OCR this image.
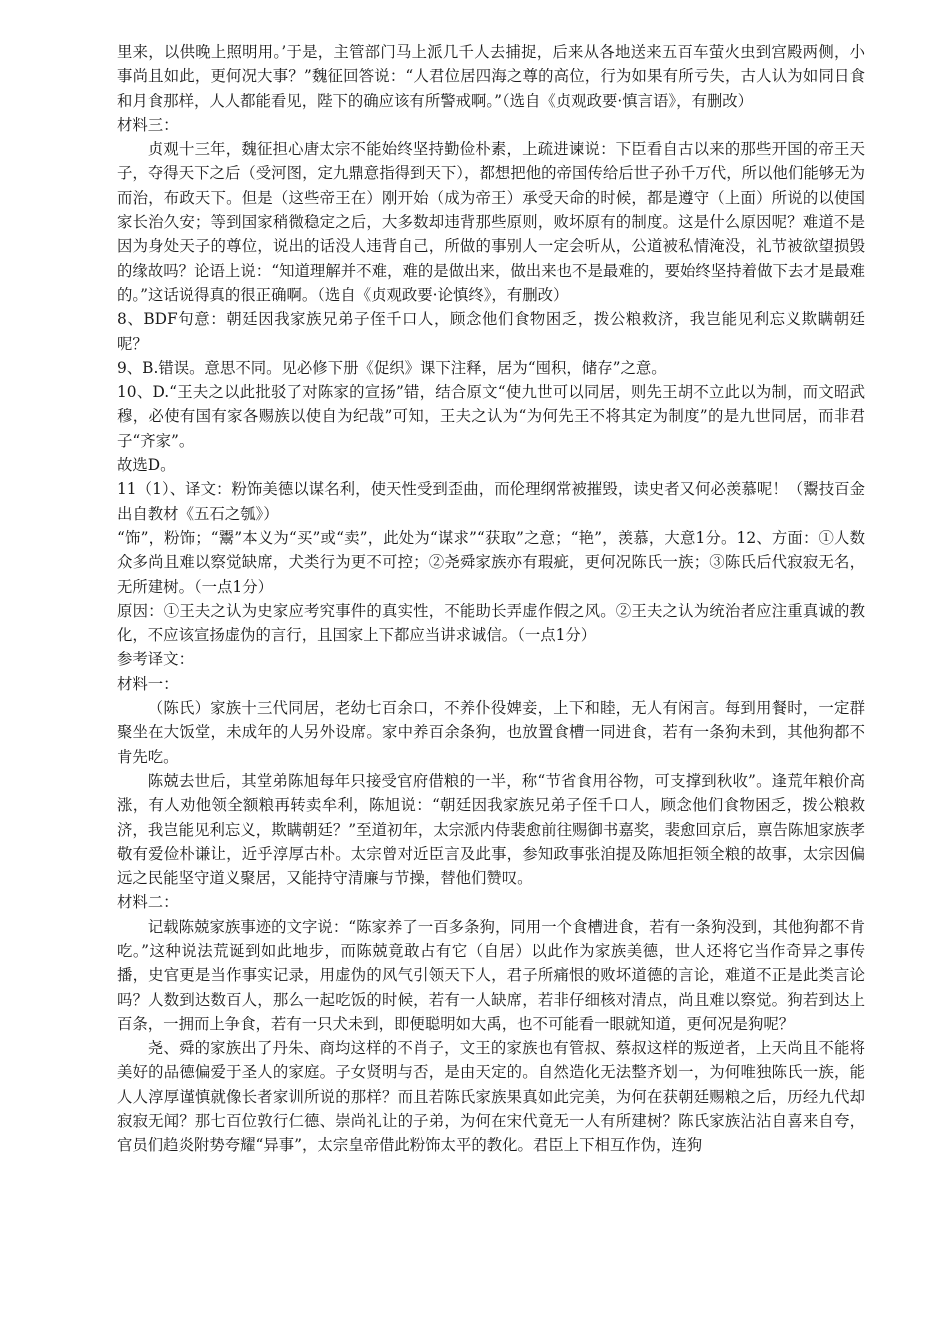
里来，以供晚上照明用。’于是，主管部门马上派几千人去捕捉，后来从各地送来五百车萤火虫到宫殿两侧，小事尚且如此，更何况大事？”魏征回答说：“人君位居四海之尊的高位，行为如果有所亏失，古人认为如同日食和月食那样，人人都能看见，陛下的确应该有所警戒啊。”（选自《贞观政要·慎言语》，有删改）

材料三：

贞观十三年，魏征担心唐太宗不能始终坚持勤俭朴素，上疏进谏说：下臣看自古以来的那些开国的帝王天子，夺得天下之后（受河图，定九鼎意指得到天下），都想把他的帝国传给后世子孙千万代，所以他们能够无为而治，布政天下。但是（这些帝王在）刚开始（成为帝王）承受天命的时候，都是遵守（上面）所说的以使国家长治久安；等到国家稍微稳定之后，大多数却违背那些原则，败坏原有的制度。这是什么原因呢？难道不是因为身处天子的尊位，说出的话没人违背自己，所做的事别人一定会听从，公道被私情淹没，礼节被欲望损毁的缘故吗？论语上说：“知道理解并不难，难的是做出来，做出来也不是最难的，要始终坚持着做下去才是最难的。”这话说得真的很正确啊。（选自《贞观政要·论慎终》，有删改）

8、BDF句意：朝廷因我家族兄弟子侄千口人，顾念他们食物困乏，拨公粮救济，我岂能见利忘义欺瞒朝廷呢？

9、B.错误。意思不同。见必修下册《促织》课下注释，居为“囤积，储存”之意。

10、D.“王夫之以此批驳了对陈家的宣扬”错，结合原文“使九世可以同居，则先王胡不立此以为制，而文昭武穆，必使有国有家各赐族以使自为纪哉”可知，王夫之认为“为何先王不将其定为制度”的是九世同居，而非君子“齐家”。

故选D。

11（1）、译文：粉饰美德以谋名利，使天性受到歪曲，而伦理纲常被摧毁，读史者又何必羡慕呢！（鬻技百金出自教材《五石之瓠》）

“饰”，粉饰；“鬻”本义为“买”或“卖”，此处为“谋求”“获取”之意；“艳”，羡慕，大意1分。12、方面：①人数众多尚且难以察觉缺席，犬类行为更不可控；②尧舜家族亦有瑕疵，更何况陈氏一族；③陈氏后代寂寂无名，无所建树。（一点1分）

原因：①王夫之认为史家应考究事件的真实性，不能助长弄虚作假之风。②王夫之认为统治者应注重真诚的教化，不应该宣扬虚伪的言行，且国家上下都应当讲求诚信。（一点1分）

参考译文：

材料一：

（陈氏）家族十三代同居，老幼七百余口，不养仆役婢妾，上下和睦，无人有闲言。每到用餐时，一定群聚坐在大饭堂，未成年的人另外设席。家中养百余条狗，也放置食槽一同进食，若有一条狗未到，其他狗都不肯先吃。

陈兢去世后，其堂弟陈旭每年只接受官府借粮的一半，称“节省食用谷物，可支撑到秋收”。逢荒年粮价高涨，有人劝他领全额粮再转卖牟利，陈旭说：“朝廷因我家族兄弟子侄千口人，顾念他们食物困乏，拨公粮救济，我岂能见利忘义，欺瞒朝廷？”至道初年，太宗派内侍裴愈前往赐御书嘉奖，裴愈回京后，禀告陈旭家族孝敬有爱俭朴谦让，近乎淳厚古朴。太宗曾对近臣言及此事，参知政事张洎提及陈旭拒领全粮的故事，太宗因偏远之民能坚守道义聚居，又能持守清廉与节操，替他们赞叹。

材料二：

记载陈兢家族事迹的文字说：“陈家养了一百多条狗，同用一个食槽进食，若有一条狗没到，其他狗都不肯吃。”这种说法荒诞到如此地步，而陈兢竟敢占有它（自居）以此作为家族美德，世人还将它当作奇异之事传播，史官更是当作事实记录，用虚伪的风气引领天下人，君子所痛恨的败坏道德的言论，难道不正是此类言论吗？人数到达数百人，那么一起吃饭的时候，若有一人缺席，若非仔细核对清点，尚且难以察觉。狗若到达上百条，一拥而上争食，若有一只犬未到，即便聪明如大禹，也不可能看一眼就知道，更何况是狗呢？

尧、舜的家族出了丹朱、商均这样的不肖子，文王的家族也有管叔、蔡叔这样的叛逆者，上天尚且不能将美好的品德偏爱于圣人的家庭。子女贤明与否，是由天定的。自然造化无法整齐划一，为何唯独陈氏一族，能人人淳厚谨慎就像长者家训所说的那样？而且若陈氏家族果真如此完美，为何在获朝廷赐粮之后，历经九代却寂寂无闻？那七百位敦行仁德、崇尚礼让的子弟，为何在宋代竟无一人有所建树？陈氏家族沾沾自喜来自夸，官员们趋炎附势夸耀“异事”，太宗皇帝借此粉饰太平的教化。君臣上下相互作伪，连狗
